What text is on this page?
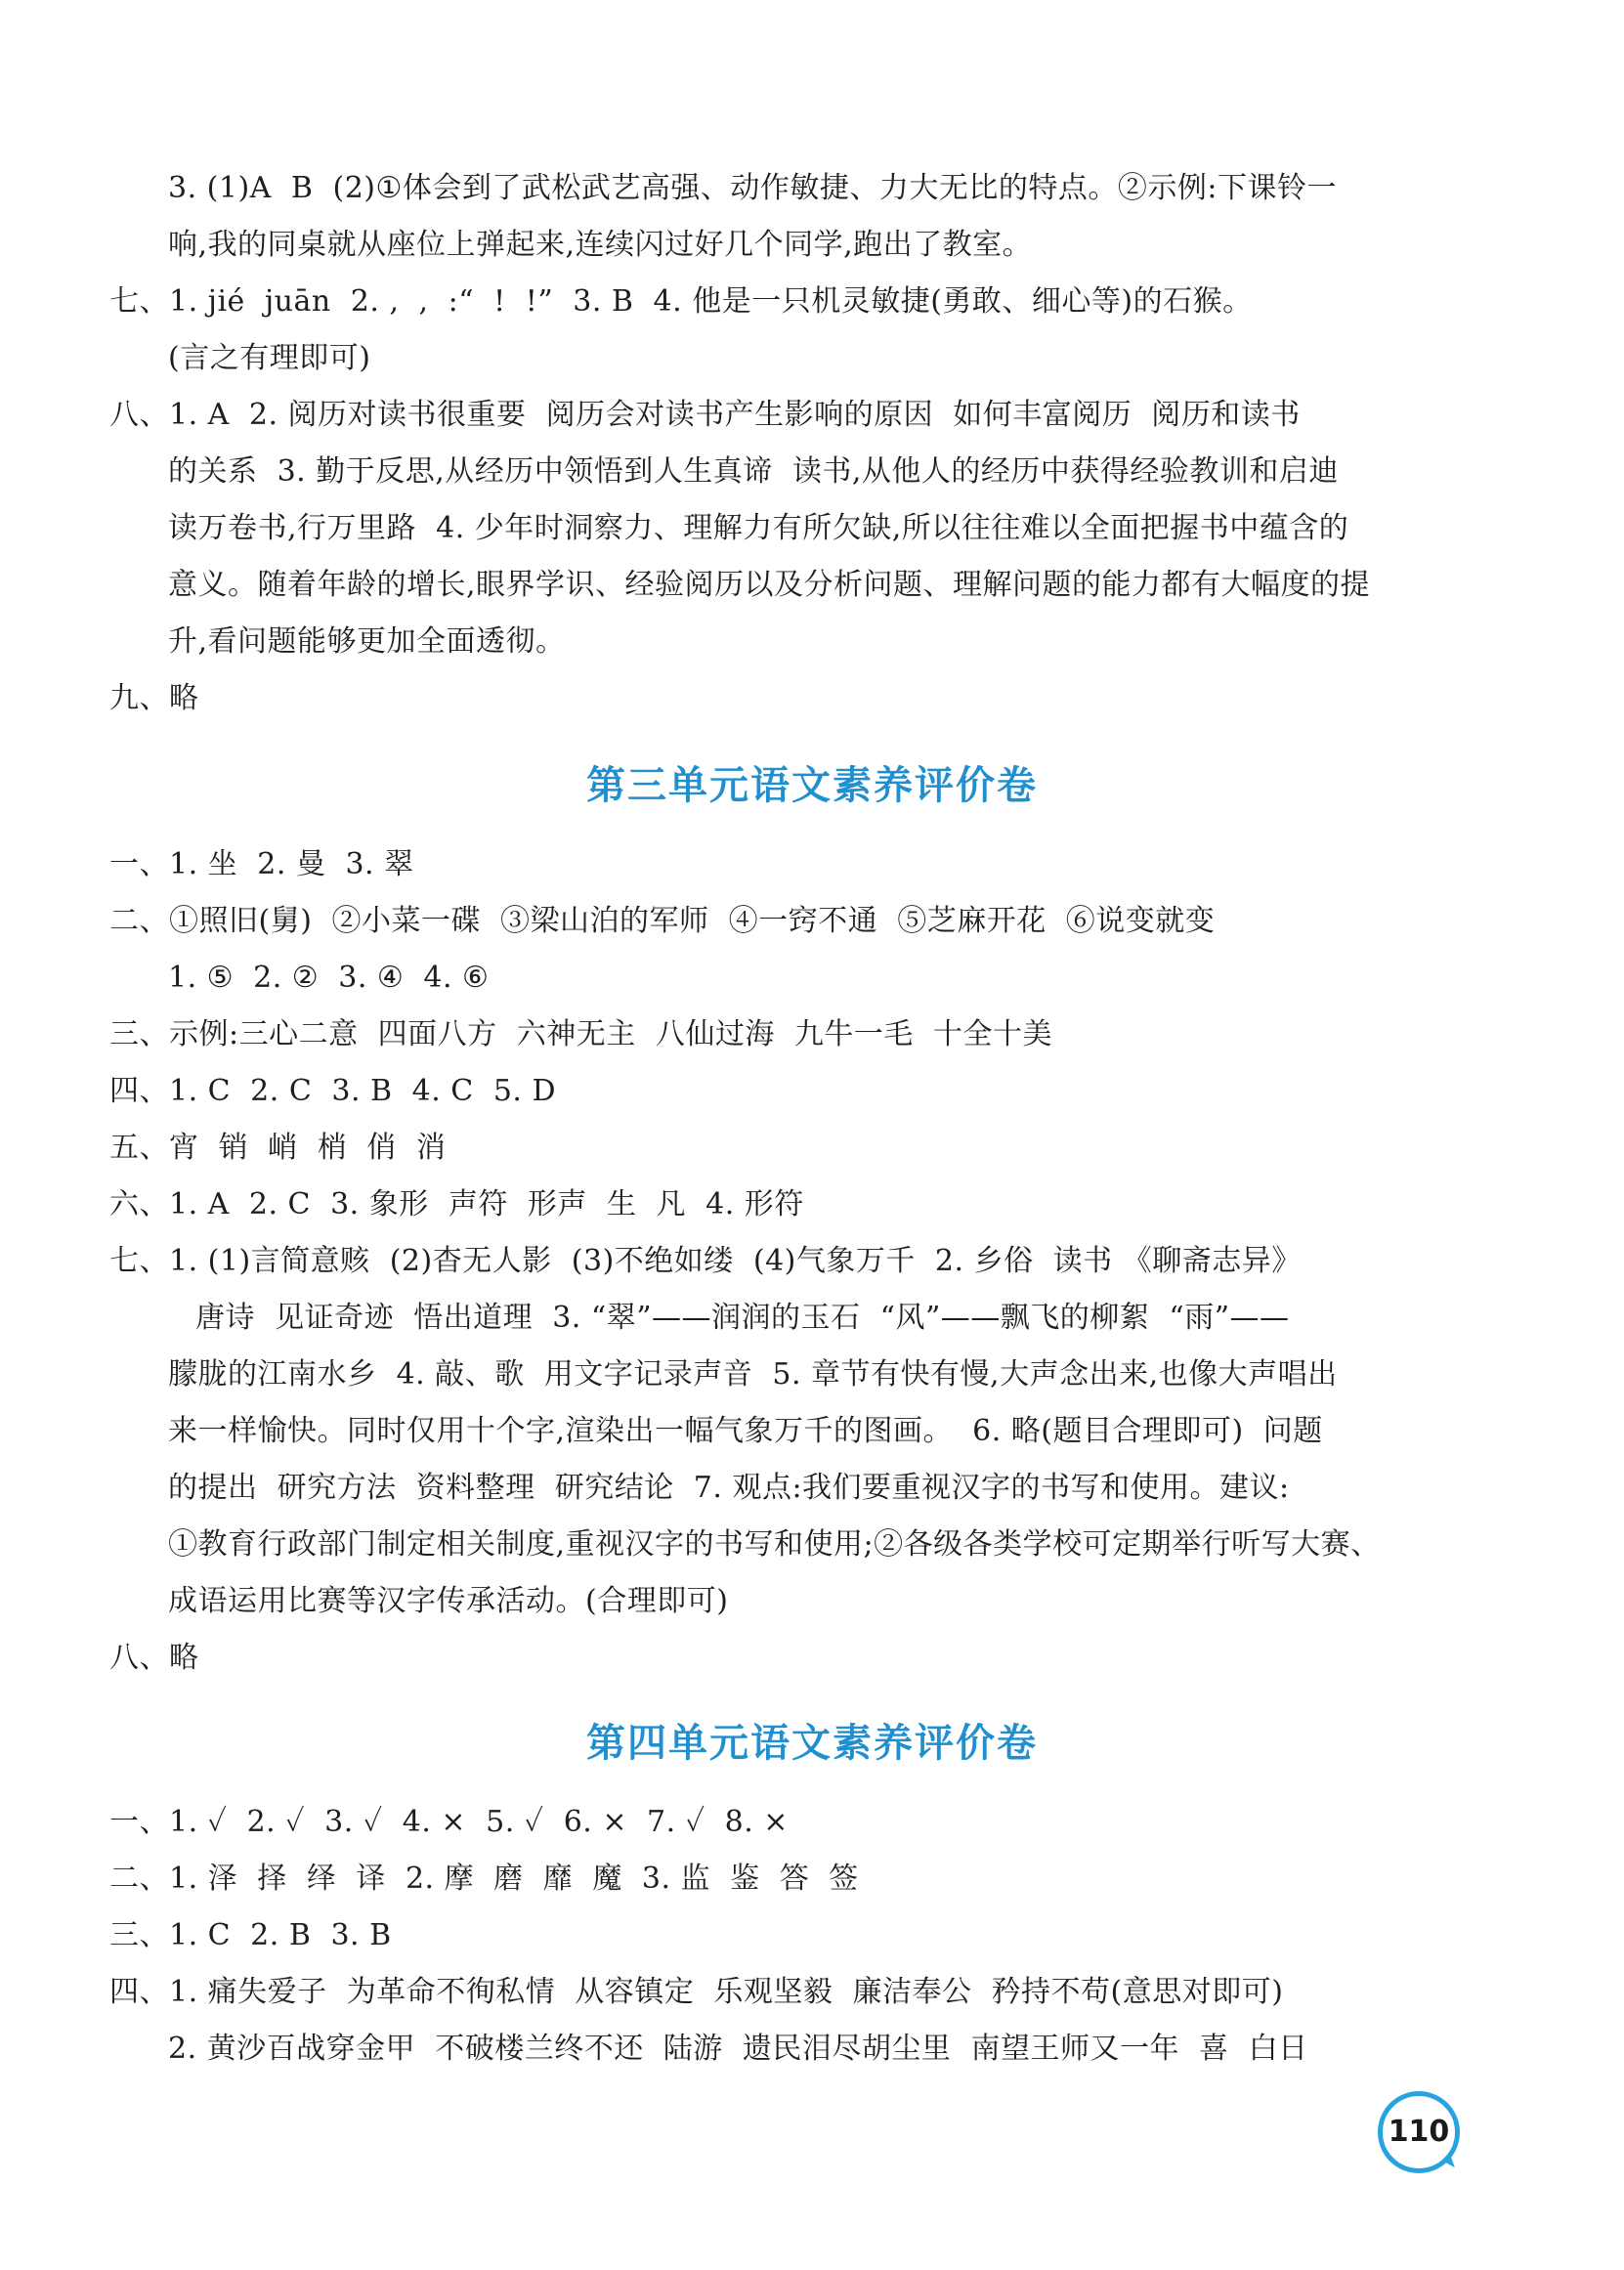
3. (1)A  B  (2)①体会到了武松武艺高强、动作敏捷、力大无比的特点。②示例:下课铃一
响,我的同桌就从座位上弹起来,连续闪过好几个同学,跑出了教室。
七、1. jié  juān  2. ,  ,  :“  !  !”  3. B  4. 他是一只机灵敏捷(勇敢、细心等)的石猴。
(言之有理即可)
八、1. A  2. 阅历对读书很重要  阅历会对读书产生影响的原因  如何丰富阅历  阅历和读书
的关系  3. 勤于反思,从经历中领悟到人生真谛  读书,从他人的经历中获得经验教训和启迪
读万卷书,行万里路  4. 少年时洞察力、理解力有所欠缺,所以往往难以全面把握书中蕴含的
意义。随着年龄的增长,眼界学识、经验阅历以及分析问题、理解问题的能力都有大幅度的提
升,看问题能够更加全面透彻。
九、略
第三单元语文素养评价卷
一、1. 坐  2. 曼  3. 翠
二、①照旧(舅)  ②小菜一碟  ③梁山泊的军师  ④一窍不通  ⑤芝麻开花  ⑥说变就变
1. ⑤  2. ②  3. ④  4. ⑥
三、示例:三心二意  四面八方  六神无主  八仙过海  九牛一毛  十全十美
四、1. C  2. C  3. B  4. C  5. D
五、宵  销  峭  梢  俏  消
六、1. A  2. C  3. 象形  声符  形声  生  凡  4. 形符
七、1. (1)言简意赅  (2)杳无人影  (3)不绝如缕  (4)气象万千  2. 乡俗  读书 《聊斋志异》
唐诗  见证奇迹  悟出道理  3. “翠”——润润的玉石  “风”——飘飞的柳絮  “雨”——
朦胧的江南水乡  4. 敲、歌  用文字记录声音  5. 章节有快有慢,大声念出来,也像大声唱出
来一样愉快。同时仅用十个字,渲染出一幅气象万千的图画。  6. 略(题目合理即可)  问题
的提出  研究方法  资料整理  研究结论  7. 观点:我们要重视汉字的书写和使用。建议:
①教育行政部门制定相关制度,重视汉字的书写和使用;②各级各类学校可定期举行听写大赛、
成语运用比赛等汉字传承活动。(合理即可)
八、略
第四单元语文素养评价卷
一、1. ✓  2. ✓  3. ✓  4. ×  5. ✓  6. ×  7. ✓  8. ×
二、1. 泽  择  绎  译  2. 摩  磨  靡  魔  3. 监  鉴  答  签
三、1. C  2. B  3. B
四、1. 痛失爱子  为革命不徇私情  从容镇定  乐观坚毅  廉洁奉公  矜持不苟(意思对即可)
2. 黄沙百战穿金甲  不破楼兰终不还  陆游  遗民泪尽胡尘里  南望王师又一年  喜  白日
110
